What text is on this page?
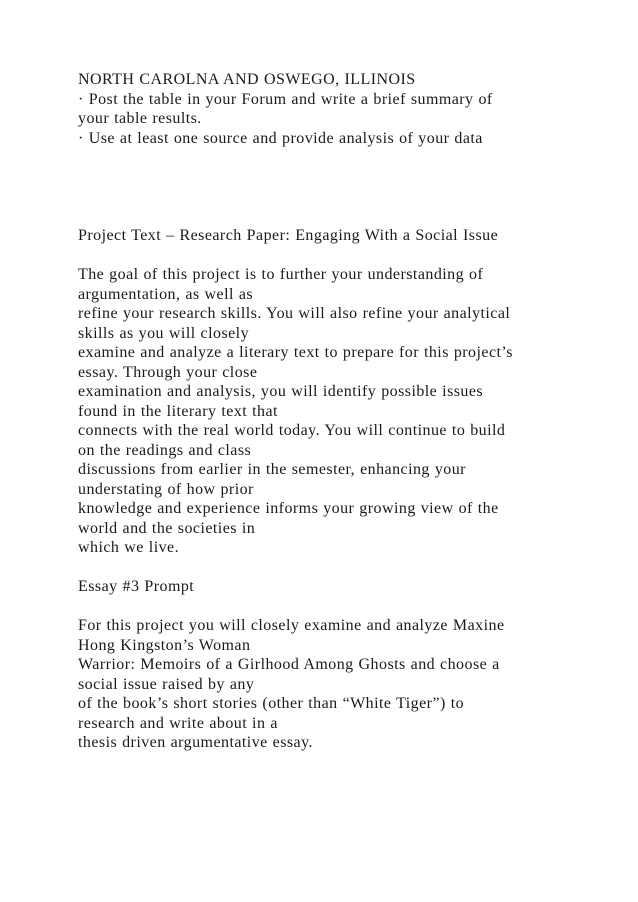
NORTH CAROLNA AND OSWEGO, ILLINOIS
· Post the table in your Forum and write a brief summary of
your table results.
· Use at least one source and provide analysis of your data
Project Text – Research Paper: Engaging With a Social Issue
The goal of this project is to further your understanding of
argumentation, as well as
refine your research skills. You will also refine your analytical
skills as you will closely
examine and analyze a literary text to prepare for this project’s
essay. Through your close
examination and analysis, you will identify possible issues
found in the literary text that
connects with the real world today. You will continue to build
on the readings and class
discussions from earlier in the semester, enhancing your
understating of how prior
knowledge and experience informs your growing view of the
world and the societies in
which we live.
Essay #3 Prompt
For this project you will closely examine and analyze Maxine
Hong Kingston’s Woman
Warrior: Memoirs of a Girlhood Among Ghosts and choose a
social issue raised by any
of the book’s short stories (other than “White Tiger”) to
research and write about in a
thesis driven argumentative essay.
